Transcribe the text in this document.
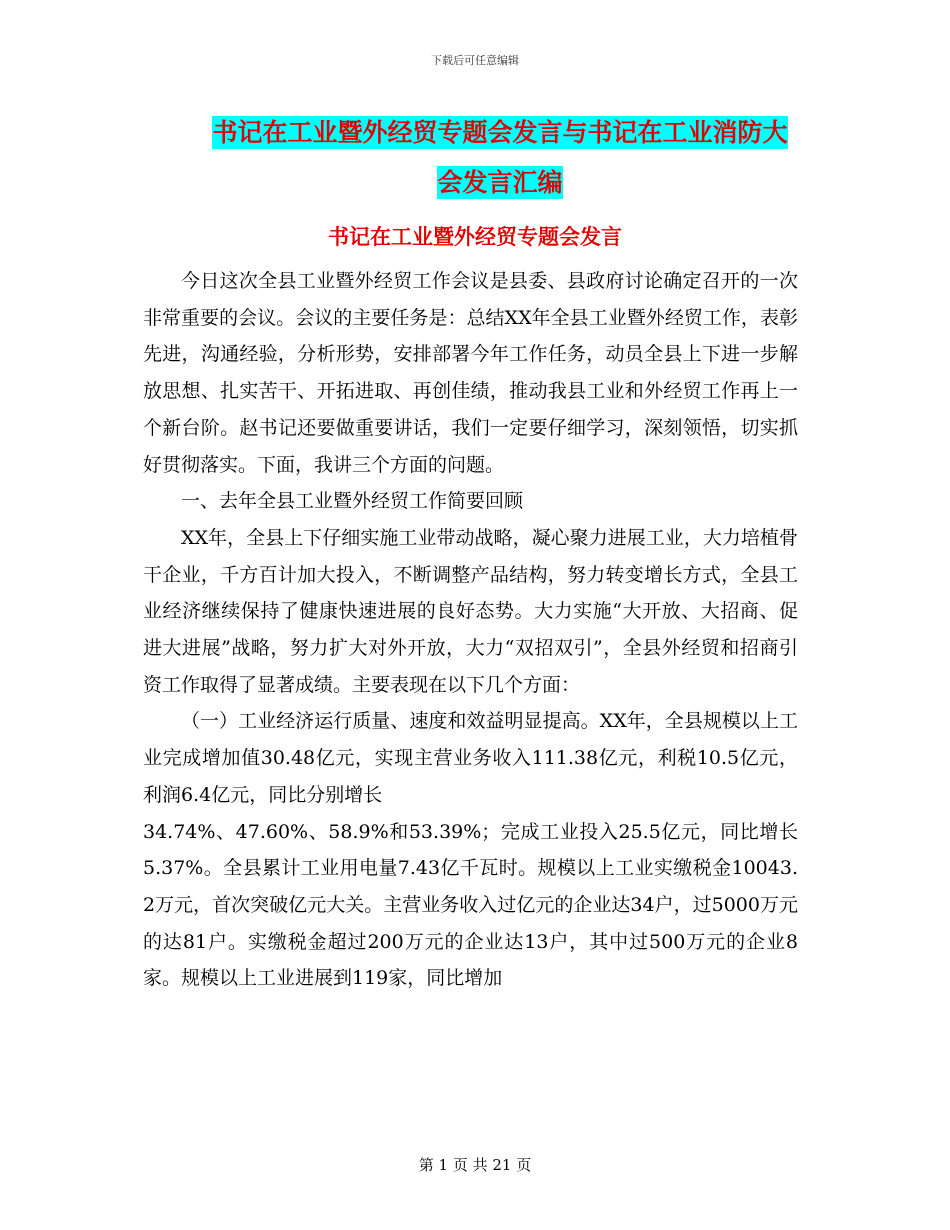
下载后可任意编辑
书记在工业暨外经贸专题会发言与书记在工业消防大
会发言汇编
书记在工业暨外经贸专题会发言

今日这次全县工业暨外经贸工作会议是县委、县政府讨论确定召开的一次非常重要的会议。会议的主要任务是：总结XX年全县工业暨外经贸工作，表彰先进，沟通经验，分析形势，安排部署今年工作任务，动员全县上下进一步解放思想、扎实苦干、开拓进取、再创佳绩，推动我县工业和外经贸工作再上一个新台阶。赵书记还要做重要讲话，我们一定要仔细学习，深刻领悟，切实抓好贯彻落实。下面，我讲三个方面的问题。

一、去年全县工业暨外经贸工作简要回顾

XX年，全县上下仔细实施工业带动战略，凝心聚力进展工业，大力培植骨干企业，千方百计加大投入，不断调整产品结构，努力转变增长方式，全县工业经济继续保持了健康快速进展的良好态势。大力实施“大开放、大招商、促进大进展”战略，努力扩大对外开放，大力“双招双引”，全县外经贸和招商引资工作取得了显著成绩。主要表现在以下几个方面：

（一）工业经济运行质量、速度和效益明显提高。XX年，全县规模以上工业完成增加值30.48亿元，实现主营业务收入111.38亿元，利税10.5亿元，利润6.4亿元，同比分别增长

34.74%、47.60%、58.9%和53.39%；完成工业投入25.5亿元，同比增长5.37%。全县累计工业用电量7.43亿千瓦时。规模以上工业实缴税金10043.2万元，首次突破亿元大关。主营业务收入过亿元的企业达34户，过5000万元的达81户。实缴税金超过200万元的企业达13户，其中过500万元的企业8家。规模以上工业进展到119家，同比增加

第 1 页 共 21 页
